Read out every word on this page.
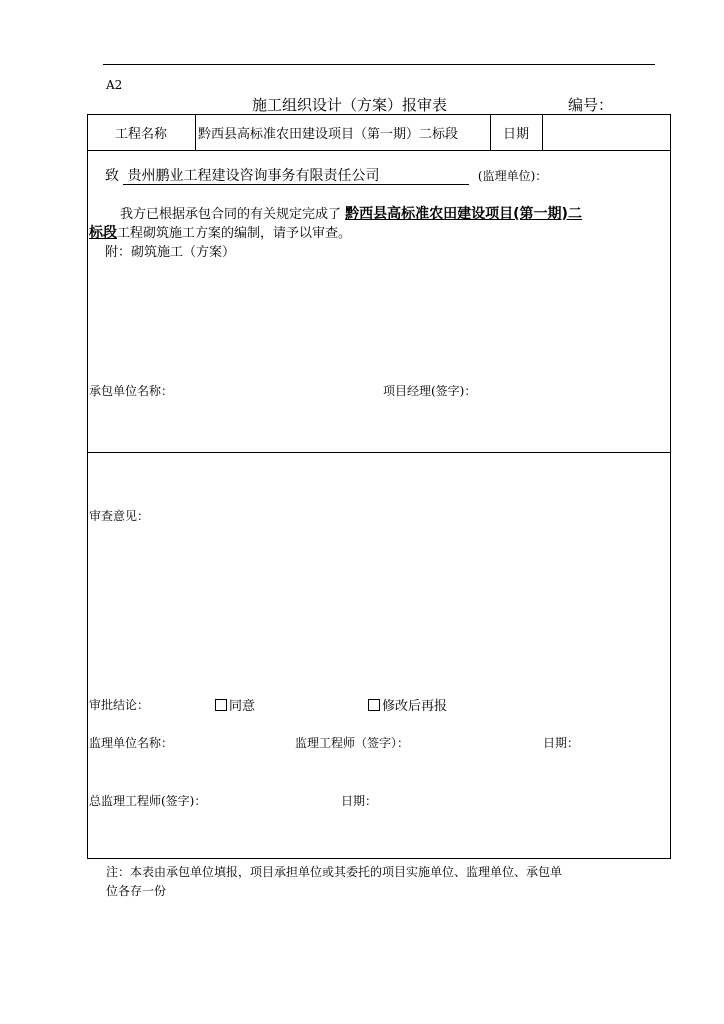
A2
施工组织设计（方案）报审表	编号：
工程名称 黔西县高标准农田建设项目（第一期）二标段	日期
致 贵州鹏业工程建设咨询事务有限责任公司	(监理单位)：
我方已根据承包合同的有关规定完成了 黔西县高标准农田建设项目(第一期)二
标段工程砌筑施工方案的编制，请予以审查。
附：砌筑施工（方案）
承包单位名称：	项目经理(签字)：
审查意见：
审批结论：	同意	修改后再报
监理单位名称：	监理工程师（签字）：	日期：
总监理工程师(签字)：	日期：
注：本表由承包单位填报，项目承担单位或其委托的项目实施单位、监理单位、承包单
位各存一份
